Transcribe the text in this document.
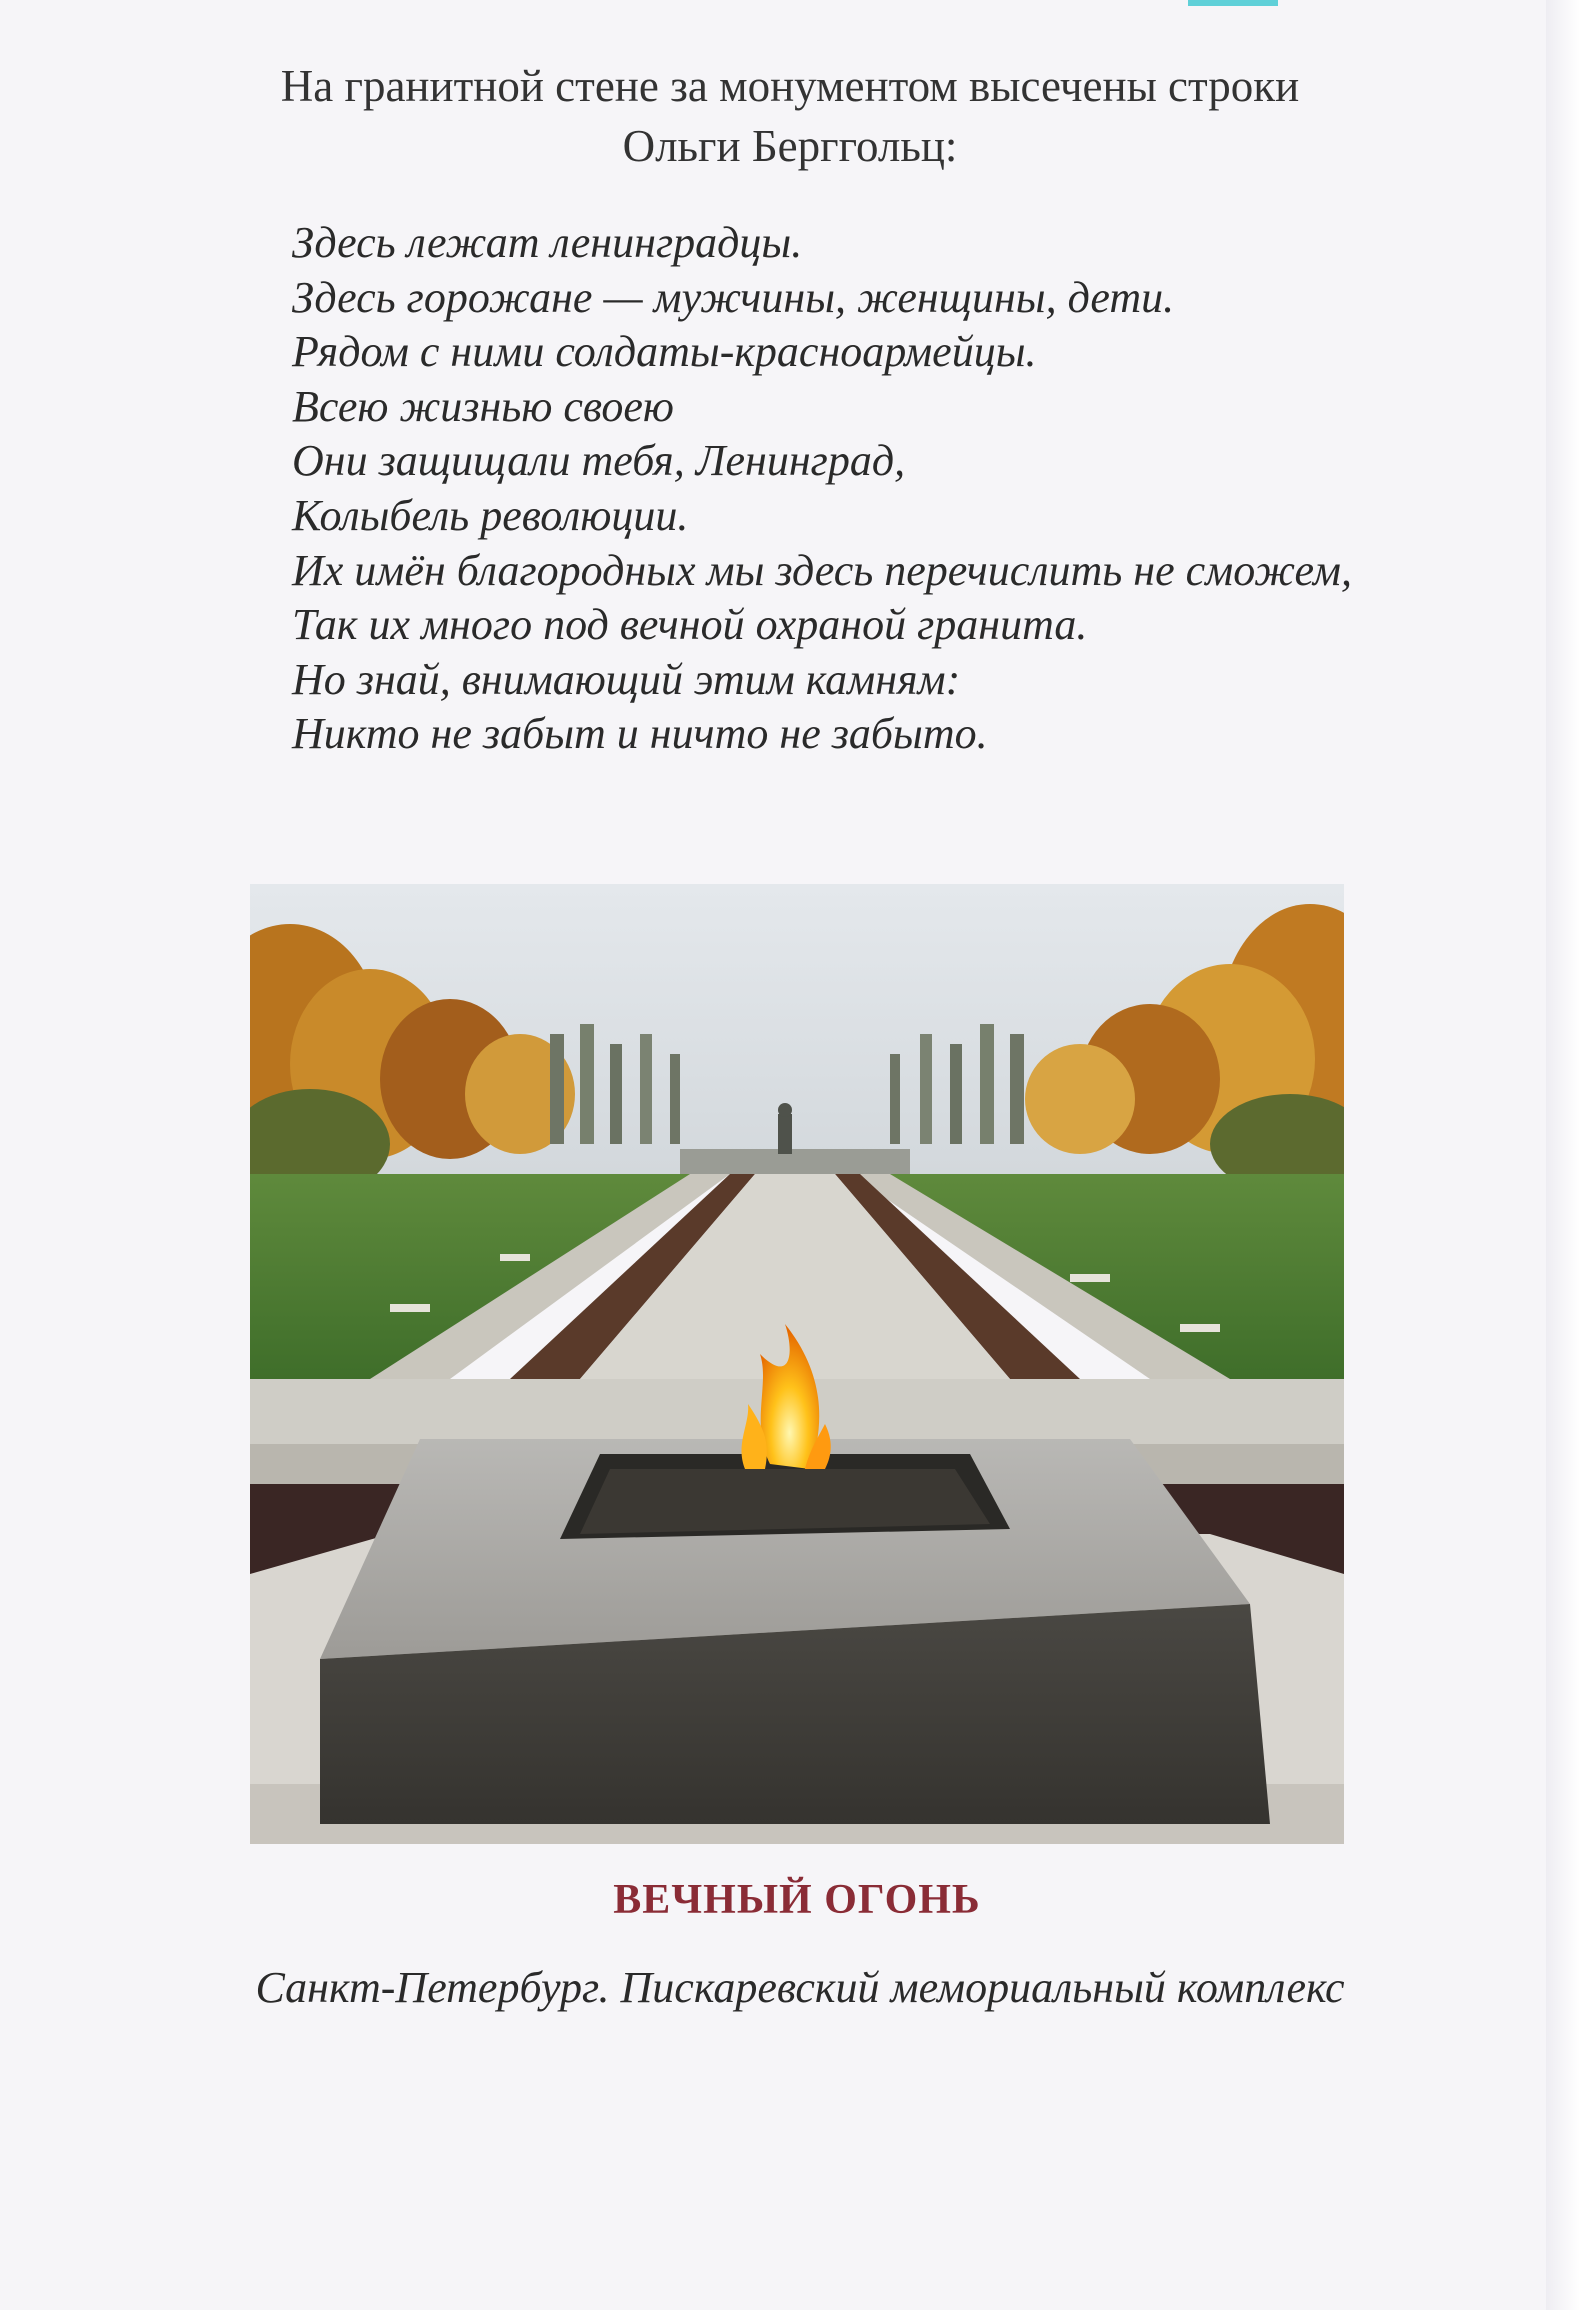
На гранитной стене за монументом высечены строки
Ольги Берггольц:
Здесь лежат ленинградцы.
Здесь горожане — мужчины, женщины, дети.
Рядом с ними солдаты-красноармейцы.
Всею жизнью своею
Они защищали тебя, Ленинград,
Колыбель революции.
Их имён благородных мы здесь перечислить не сможем,
Так их много под вечной охраной гранита.
Но знай, внимающий этим камням:
Никто не забыт и ничто не забыто.
ВЕЧНЫЙ ОГОНЬ
Санкт-Петербург. Пискаревский мемориальный комплекс
